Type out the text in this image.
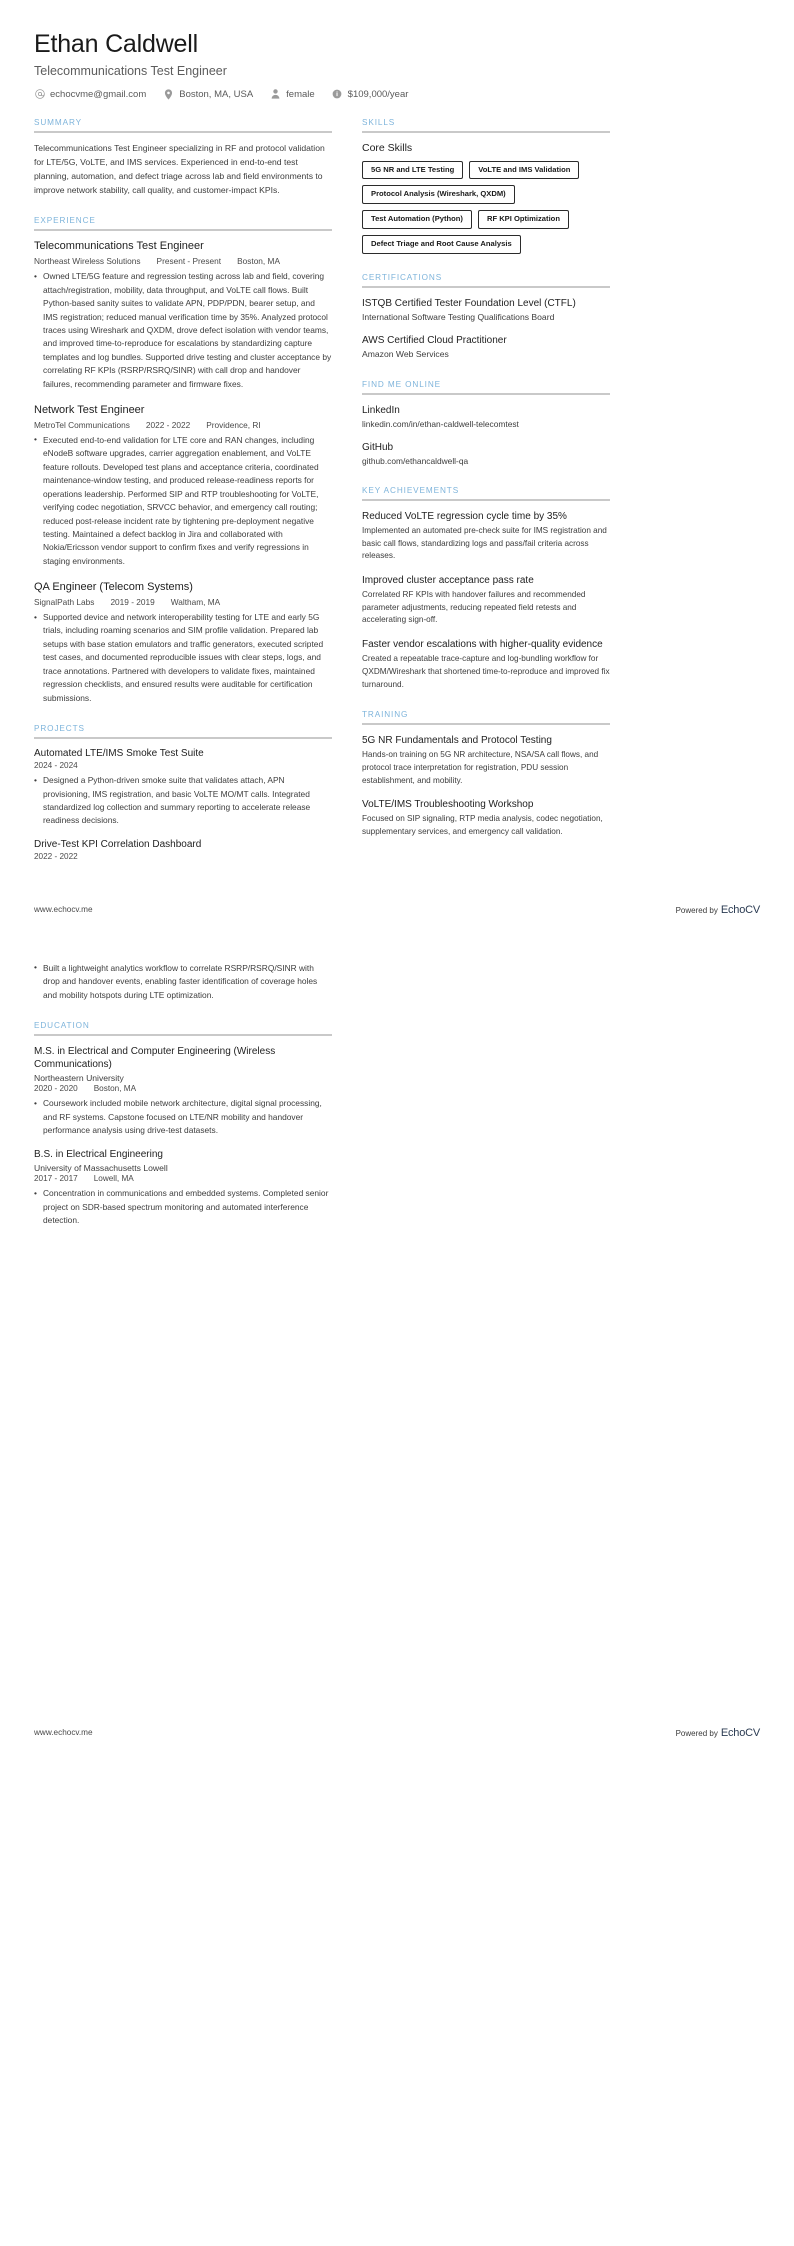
Ethan Caldwell
Telecommunications Test Engineer
echocvme@gmail.com	Boston, MA, USA	female	$109,000/year
SUMMARY
Telecommunications Test Engineer specializing in RF and protocol validation for LTE/5G, VoLTE, and IMS services. Experienced in end-to-end test planning, automation, and defect triage across lab and field environments to improve network stability, call quality, and customer-impact KPIs.
EXPERIENCE
Telecommunications Test Engineer
Northeast Wireless Solutions Present - Present Boston, MA
• Owned LTE/5G feature and regression testing across lab and field, covering attach/registration, mobility, data throughput, and VoLTE call flows. Built Python-based sanity suites to validate APN, PDP/PDN, bearer setup, and IMS registration; reduced manual verification time by 35%. Analyzed protocol traces using Wireshark and QXDM, drove defect isolation with vendor teams, and improved time-to-reproduce for escalations by standardizing capture templates and log bundles. Supported drive testing and cluster acceptance by correlating RF KPIs (RSRP/RSRQ/SINR) with call drop and handover failures, recommending parameter and firmware fixes.
Network Test Engineer
MetroTel Communications 2022 - 2022 Providence, RI
• Executed end-to-end validation for LTE core and RAN changes, including eNodeB software upgrades, carrier aggregation enablement, and VoLTE feature rollouts. Developed test plans and acceptance criteria, coordinated maintenance-window testing, and produced release-readiness reports for operations leadership. Performed SIP and RTP troubleshooting for VoLTE, verifying codec negotiation, SRVCC behavior, and emergency call routing; reduced post-release incident rate by tightening pre-deployment negative testing. Maintained a defect backlog in Jira and collaborated with Nokia/Ericsson vendor support to confirm fixes and verify regressions in staging environments.
QA Engineer (Telecom Systems)
SignalPath Labs 2019 - 2019 Waltham, MA
• Supported device and network interoperability testing for LTE and early 5G trials, including roaming scenarios and SIM profile validation. Prepared lab setups with base station emulators and traffic generators, executed scripted test cases, and documented reproducible issues with clear steps, logs, and trace annotations. Partnered with developers to validate fixes, maintained regression checklists, and ensured results were auditable for certification submissions.
PROJECTS
Automated LTE/IMS Smoke Test Suite
2024 - 2024
• Designed a Python-driven smoke suite that validates attach, APN provisioning, IMS registration, and basic VoLTE MO/MT calls. Integrated standardized log collection and summary reporting to accelerate release readiness decisions.
Drive-Test KPI Correlation Dashboard
2022 - 2022
SKILLS
Core Skills
5G NR and LTE Testing	VoLTE and IMS Validation
Protocol Analysis (Wireshark, QXDM)
Test Automation (Python)	RF KPI Optimization
Defect Triage and Root Cause Analysis
CERTIFICATIONS
ISTQB Certified Tester Foundation Level (CTFL)
International Software Testing Qualifications Board
AWS Certified Cloud Practitioner
Amazon Web Services
FIND ME ONLINE
LinkedIn
linkedin.com/in/ethan-caldwell-telecomtest
GitHub
github.com/ethancaldwell-qa
KEY ACHIEVEMENTS
Reduced VoLTE regression cycle time by 35%
Implemented an automated pre-check suite for IMS registration and basic call flows, standardizing logs and pass/fail criteria across releases.
Improved cluster acceptance pass rate
Correlated RF KPIs with handover failures and recommended parameter adjustments, reducing repeated field retests and accelerating sign-off.
Faster vendor escalations with higher-quality evidence
Created a repeatable trace-capture and log-bundling workflow for QXDM/Wireshark that shortened time-to-reproduce and improved fix turnaround.
TRAINING
5G NR Fundamentals and Protocol Testing
Hands-on training on 5G NR architecture, NSA/SA call flows, and protocol trace interpretation for registration, PDU session establishment, and mobility.
VoLTE/IMS Troubleshooting Workshop
Focused on SIP signaling, RTP media analysis, codec negotiation, supplementary services, and emergency call validation.
www.echocv.me	Powered by EchoCV
• Built a lightweight analytics workflow to correlate RSRP/RSRQ/SINR with drop and handover events, enabling faster identification of coverage holes and mobility hotspots during LTE optimization.
EDUCATION
M.S. in Electrical and Computer Engineering (Wireless Communications)
Northeastern University
2020 - 2020 Boston, MA
• Coursework included mobile network architecture, digital signal processing, and RF systems. Capstone focused on LTE/NR mobility and handover performance analysis using drive-test datasets.
B.S. in Electrical Engineering
University of Massachusetts Lowell
2017 - 2017 Lowell, MA
• Concentration in communications and embedded systems. Completed senior project on SDR-based spectrum monitoring and automated interference detection.
www.echocv.me	Powered by EchoCV
